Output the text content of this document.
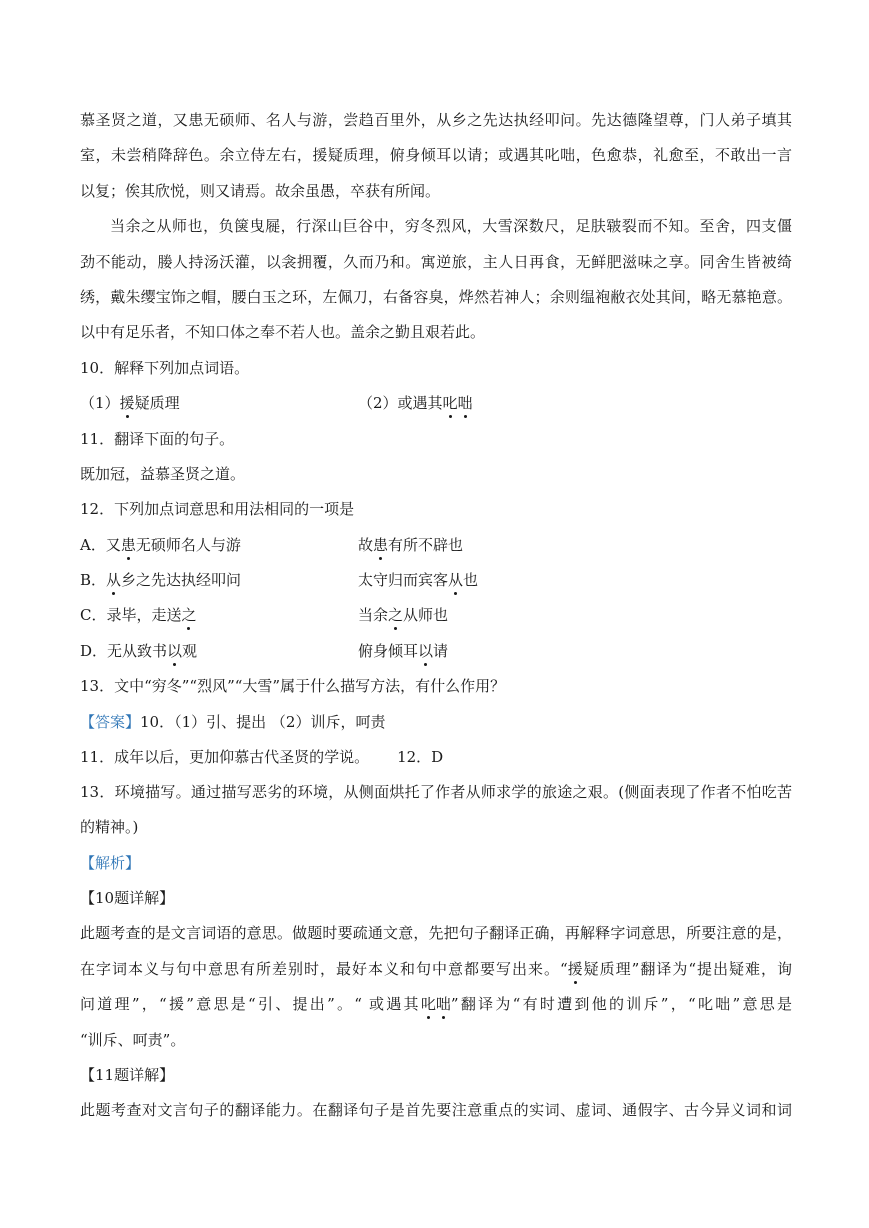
慕圣贤之道，又患无硕师、名人与游，尝趋百里外，从乡之先达执经叩问。先达德隆望尊，门人弟子填其
室，未尝稍降辞色。余立侍左右，援疑质理，俯身倾耳以请；或遇其叱咄，色愈恭，礼愈至，不敢出一言
以复；俟其欣悦，则又请焉。故余虽愚，卒获有所闻。
当余之从师也，负箧曳屣，行深山巨谷中，穷冬烈风，大雪深数尺，足肤皲裂而不知。至舍，四支僵
劲不能动，媵人持汤沃灌，以衾拥覆，久而乃和。寓逆旅，主人日再食，无鲜肥滋味之享。同舍生皆被绮
绣，戴朱缨宝饰之帽，腰白玉之环，左佩刀，右备容臭，烨然若神人；余则缊袍敝衣处其间，略无慕艳意。
以中有足乐者，不知口体之奉不若人也。盖余之勤且艰若此。
10．解释下列加点词语。
（1）援疑质理	（2）或遇其叱咄
11．翻译下面的句子。
既加冠，益慕圣贤之道。
12．下列加点词意思和用法相同的一项是
A．又患无硕师名人与游	故患有所不辟也
B．从乡之先达执经叩问	太守归而宾客从也
C．录毕，走送之	当余之从师也
D．无从致书以观	俯身倾耳以请
13．文中“穷冬”“烈风”“大雪”属于什么描写方法，有什么作用？
【答案】10．（1）引、提出 （2）训斥，呵责
11．成年以后，更加仰慕古代圣贤的学说。 12．D
13．环境描写。通过描写恶劣的环境，从侧面烘托了作者从师求学的旅途之艰。(侧面表现了作者不怕吃苦
的精神。)
【解析】
【10题详解】
此题考查的是文言词语的意思。做题时要疏通文意，先把句子翻译正确，再解释字词意思，所要注意的是，
在字词本义与句中意思有所差别时，最好本义和句中意都要写出来。“援疑质理”翻译为“提出疑难，询
问道理”，“援”意思是“引、提出”。“ 或遇其叱咄”翻译为“有时遭到他的训斥”，“叱咄”意思是
“训斥、呵责”。
【11题详解】
此题考查对文言句子的翻译能力。在翻译句子是首先要注意重点的实词、虚词、通假字、古今异义词和词
